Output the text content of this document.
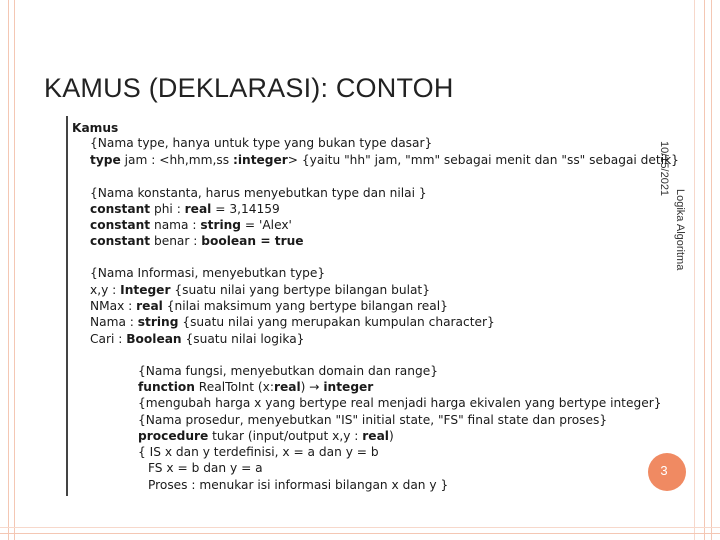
KAMUS (DEKLARASI): CONTOH
10/15/2021
Logika Algoritma
Kamus
{Nama type, hanya untuk type yang bukan type dasar}
type jam : <hh,mm,ss :integer> {yaitu "hh" jam, "mm" sebagai menit dan "ss" sebagai detik}
{Nama konstanta, harus menyebutkan type dan nilai }
constant phi : real = 3,14159
constant nama : string = 'Alex'
constant benar : boolean = true
{Nama Informasi, menyebutkan type}
x,y : Integer {suatu nilai yang bertype bilangan bulat}
NMax : real {nilai maksimum yang bertype bilangan real}
Nama : string {suatu nilai yang merupakan kumpulan character}
Cari : Boolean {suatu nilai logika}
{Nama fungsi, menyebutkan domain dan range}
function RealToInt (x:real) → integer
{mengubah harga x yang bertype real menjadi harga ekivalen yang bertype integer}
{Nama prosedur, menyebutkan "IS" initial state, "FS" final state dan proses}
procedure tukar (input/output x,y : real)
{ IS x dan y terdefinisi, x = a dan y = b
FS x = b dan y = a
Proses : menukar isi informasi bilangan x dan y }
3
